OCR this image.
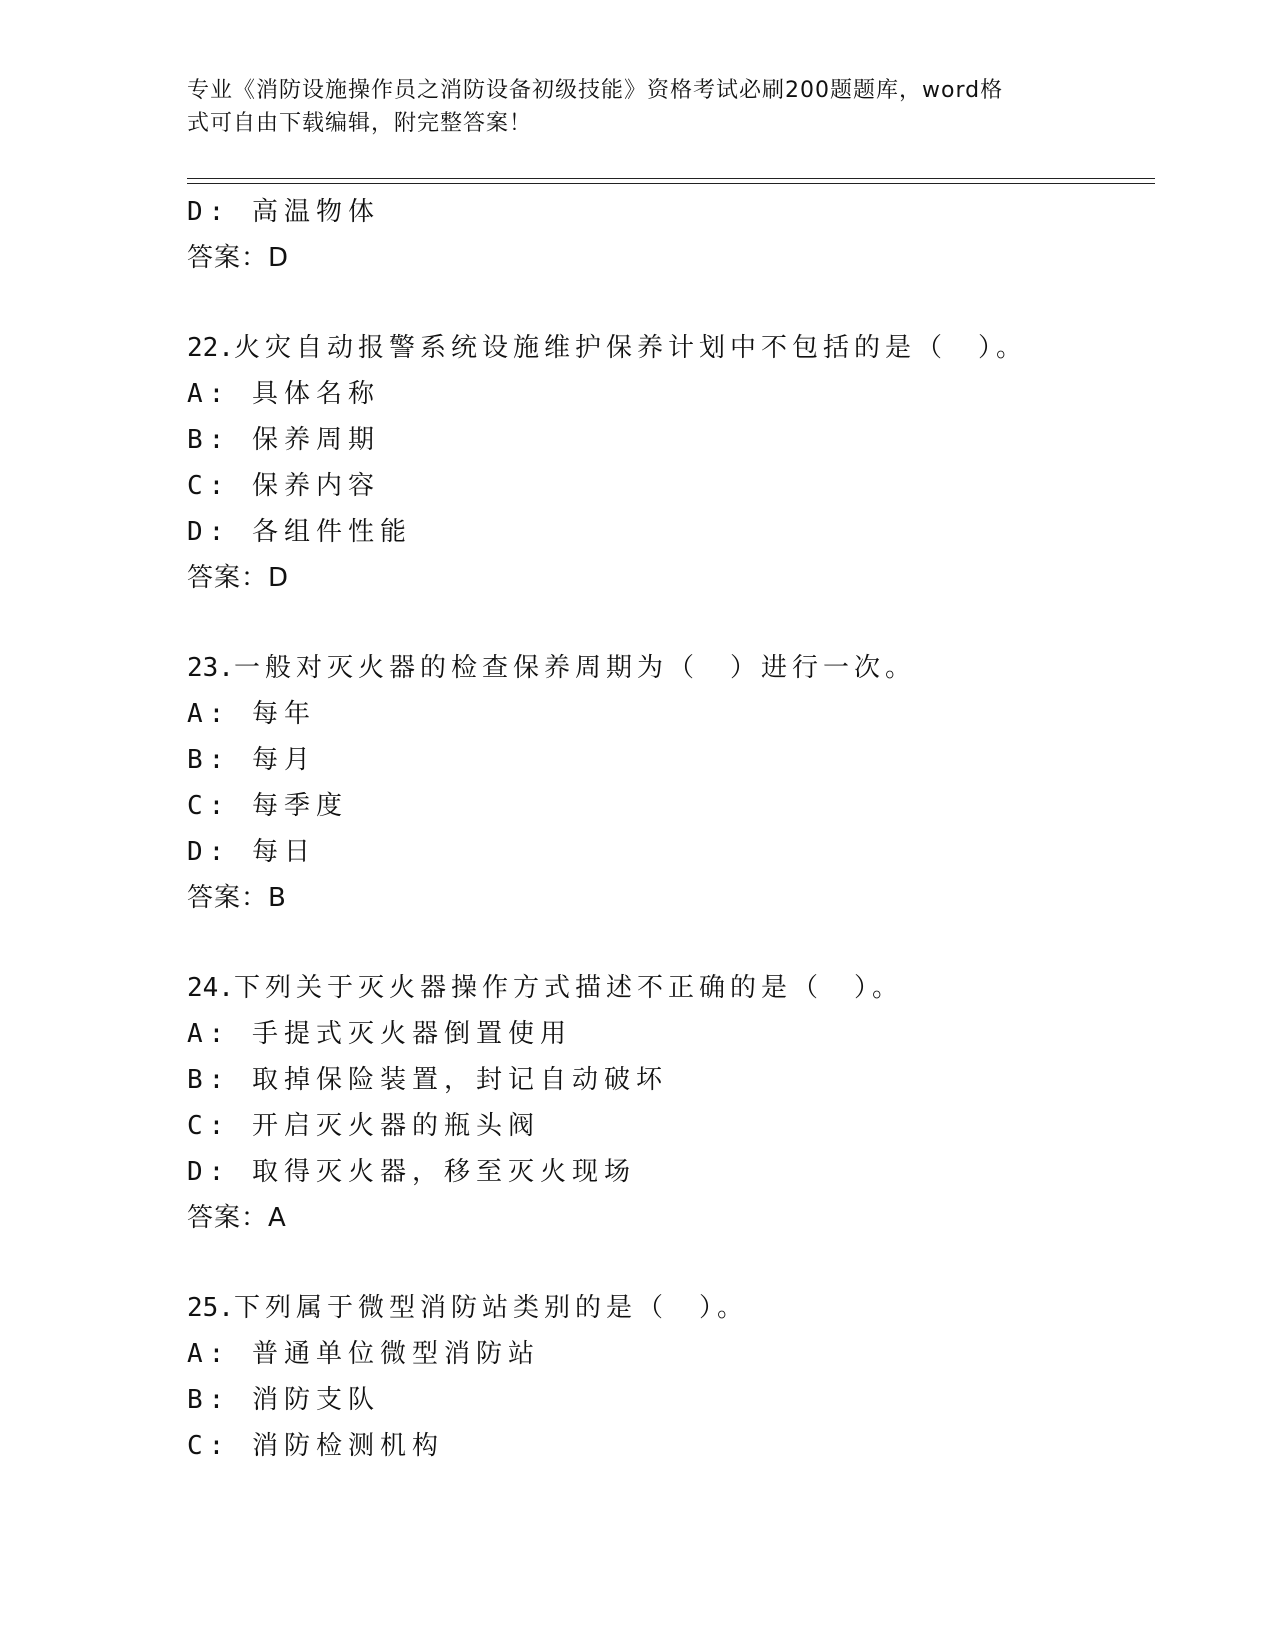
专业《消防设施操作员之消防设备初级技能》资格考试必刷200题题库，word格
式可自由下载编辑，附完整答案！
D: 高温物体
答案：D
22.火灾自动报警系统设施维护保养计划中不包括的是（　）。
A: 具体名称
B: 保养周期
C: 保养内容
D: 各组件性能
答案：D
23.一般对灭火器的检查保养周期为（　）进行一次。
A: 每年
B: 每月
C: 每季度
D: 每日
答案：B
24.下列关于灭火器操作方式描述不正确的是（　）。
A: 手提式灭火器倒置使用
B: 取掉保险装置，封记自动破坏
C: 开启灭火器的瓶头阀
D: 取得灭火器，移至灭火现场
答案：A
25.下列属于微型消防站类别的是（　）。
A: 普通单位微型消防站
B: 消防支队
C: 消防检测机构
